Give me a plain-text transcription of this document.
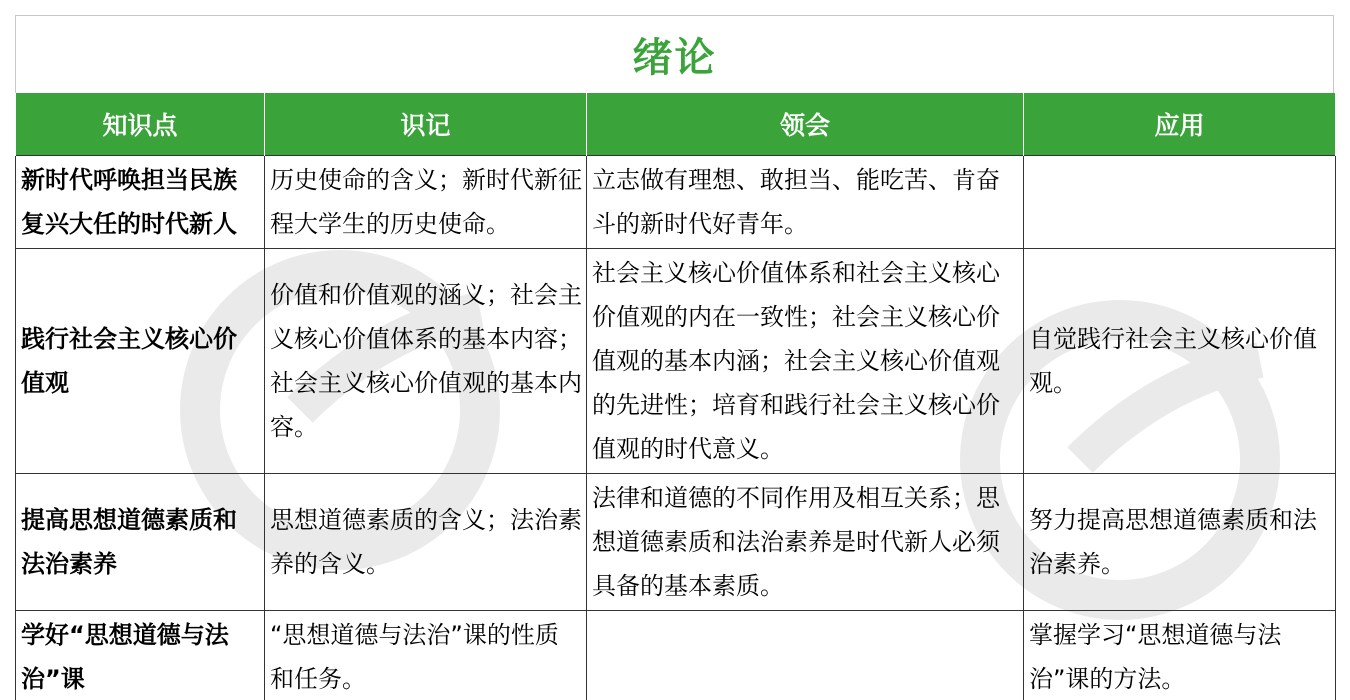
绪论
知识点	识记	领会	应用
新时代呼唤担当民族复兴大任的时代新人	历史使命的含义；新时代新征程大学生的历史使命。	立志做有理想、敢担当、能吃苦、肯奋斗的新时代好青年。	
践行社会主义核心价值观	价值和价值观的涵义；社会主义核心价值体系的基本内容；社会主义核心价值观的基本内容。	社会主义核心价值体系和社会主义核心价值观的内在一致性；社会主义核心价值观的基本内涵；社会主义核心价值观的先进性；培育和践行社会主义核心价值观的时代意义。	自觉践行社会主义核心价值观。
提高思想道德素质和法治素养	思想道德素质的含义；法治素养的含义。	法律和道德的不同作用及相互关系；思想道德素质和法治素养是时代新人必须具备的基本素质。	努力提高思想道德素质和法治素养。
学好“思想道德与法治”课	“思想道德与法治”课的性质和任务。		掌握学习“思想道德与法治”课的方法。
